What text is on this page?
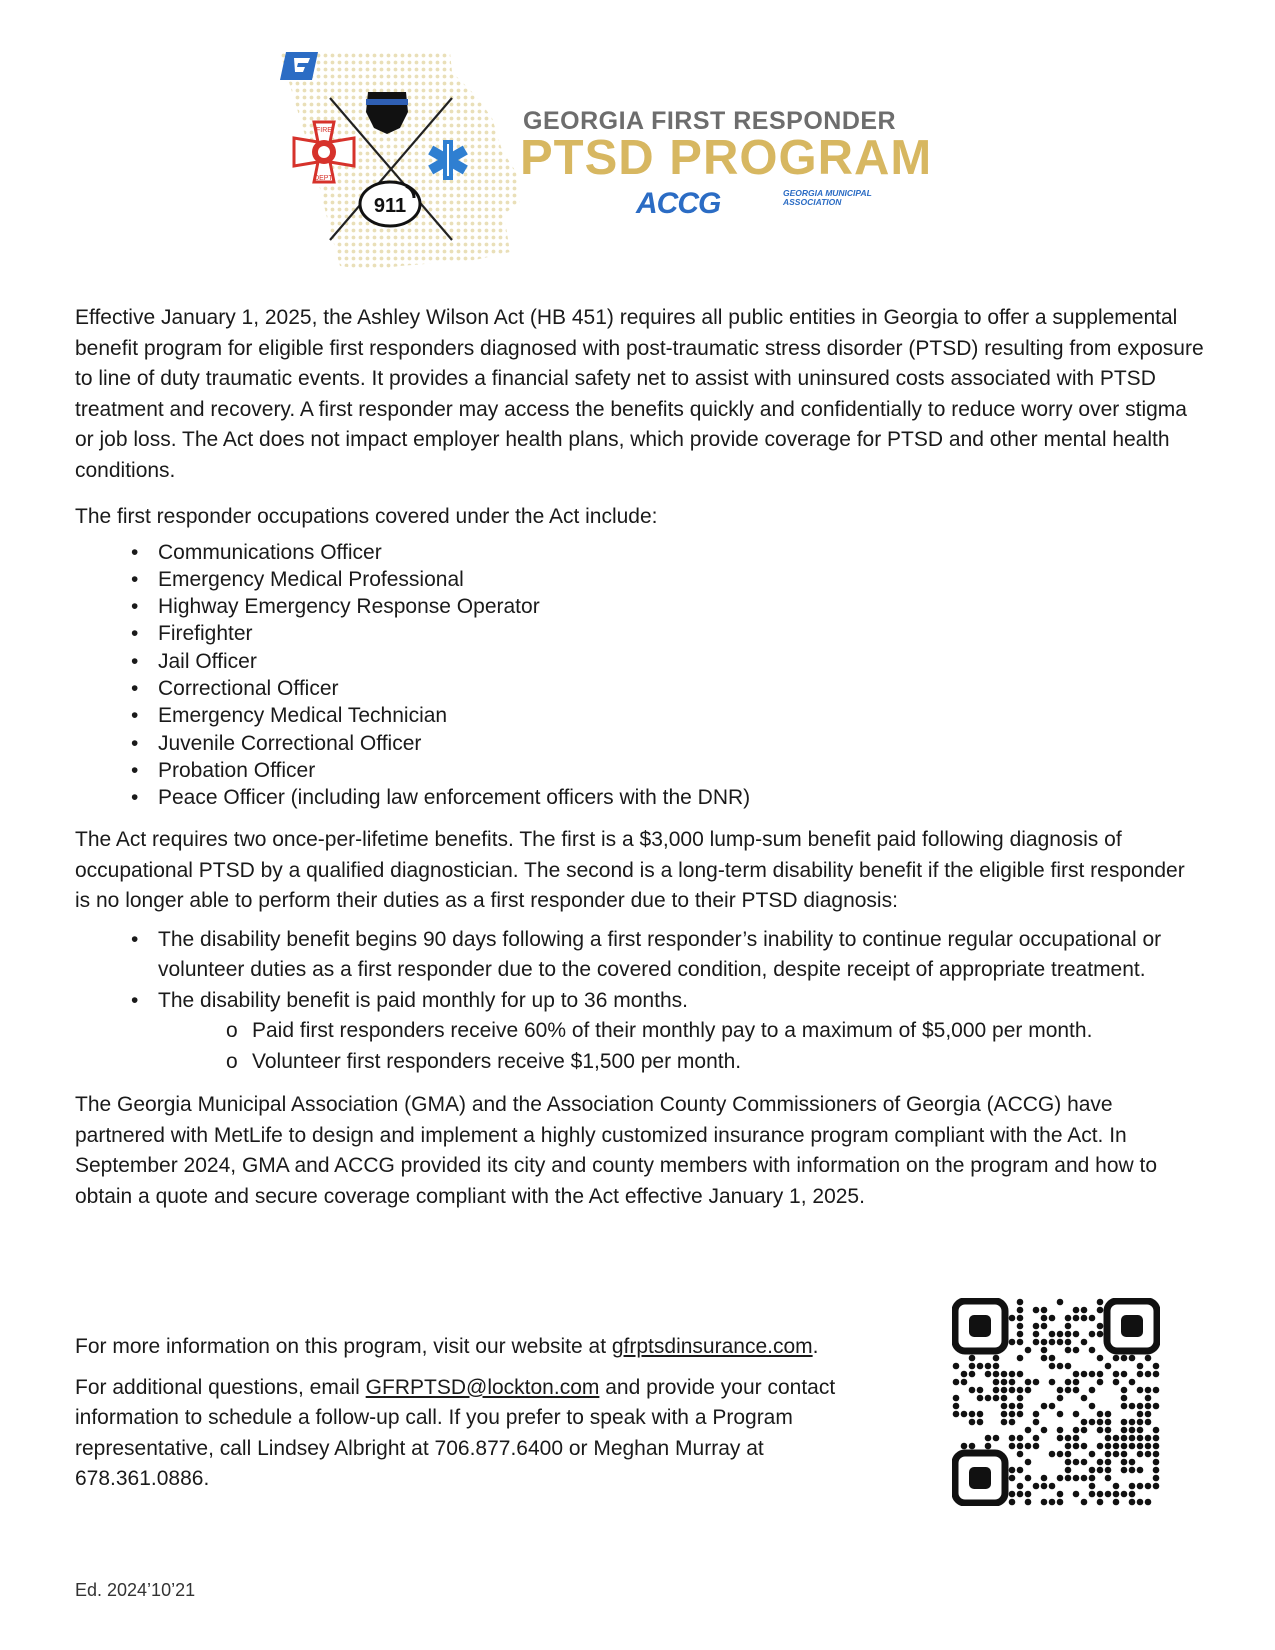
FIRE
DEPT.
911
GEORGIA FIRST RESPONDER
PTSD PROGRAM
ACCG	GEORGIA MUNICIPAL ASSOCIATION

Effective January 1, 2025, the Ashley Wilson Act (HB 451) requires all public entities in Georgia to offer a supplemental benefit program for eligible first responders diagnosed with post-traumatic stress disorder (PTSD) resulting from exposure to line of duty traumatic events. It provides a financial safety net to assist with uninsured costs associated with PTSD treatment and recovery. A first responder may access the benefits quickly and confidentially to reduce worry over stigma or job loss. The Act does not impact employer health plans, which provide coverage for PTSD and other mental health conditions.

The first responder occupations covered under the Act include:

• Communications Officer
• Emergency Medical Professional
• Highway Emergency Response Operator
• Firefighter
• Jail Officer
• Correctional Officer
• Emergency Medical Technician
• Juvenile Correctional Officer
• Probation Officer
• Peace Officer (including law enforcement officers with the DNR)

The Act requires two once-per-lifetime benefits. The first is a $3,000 lump-sum benefit paid following diagnosis of occupational PTSD by a qualified diagnostician. The second is a long-term disability benefit if the eligible first responder is no longer able to perform their duties as a first responder due to their PTSD diagnosis:

• The disability benefit begins 90 days following a first responder’s inability to continue regular occupational or volunteer duties as a first responder due to the covered condition, despite receipt of appropriate treatment.
• The disability benefit is paid monthly for up to 36 months.
o Paid first responders receive 60% of their monthly pay to a maximum of $5,000 per month.
o Volunteer first responders receive $1,500 per month.

The Georgia Municipal Association (GMA) and the Association County Commissioners of Georgia (ACCG) have partnered with MetLife to design and implement a highly customized insurance program compliant with the Act. In September 2024, GMA and ACCG provided its city and county members with information on the program and how to obtain a quote and secure coverage compliant with the Act effective January 1, 2025.

For more information on this program, visit our website at gfrptsdinsurance.com.

For additional questions, email GFRPTSD@lockton.com and provide your contact information to schedule a follow-up call. If you prefer to speak with a Program representative, call Lindsey Albright at 706.877.6400 or Meghan Murray at 678.361.0886.

Ed. 2024’10’21
